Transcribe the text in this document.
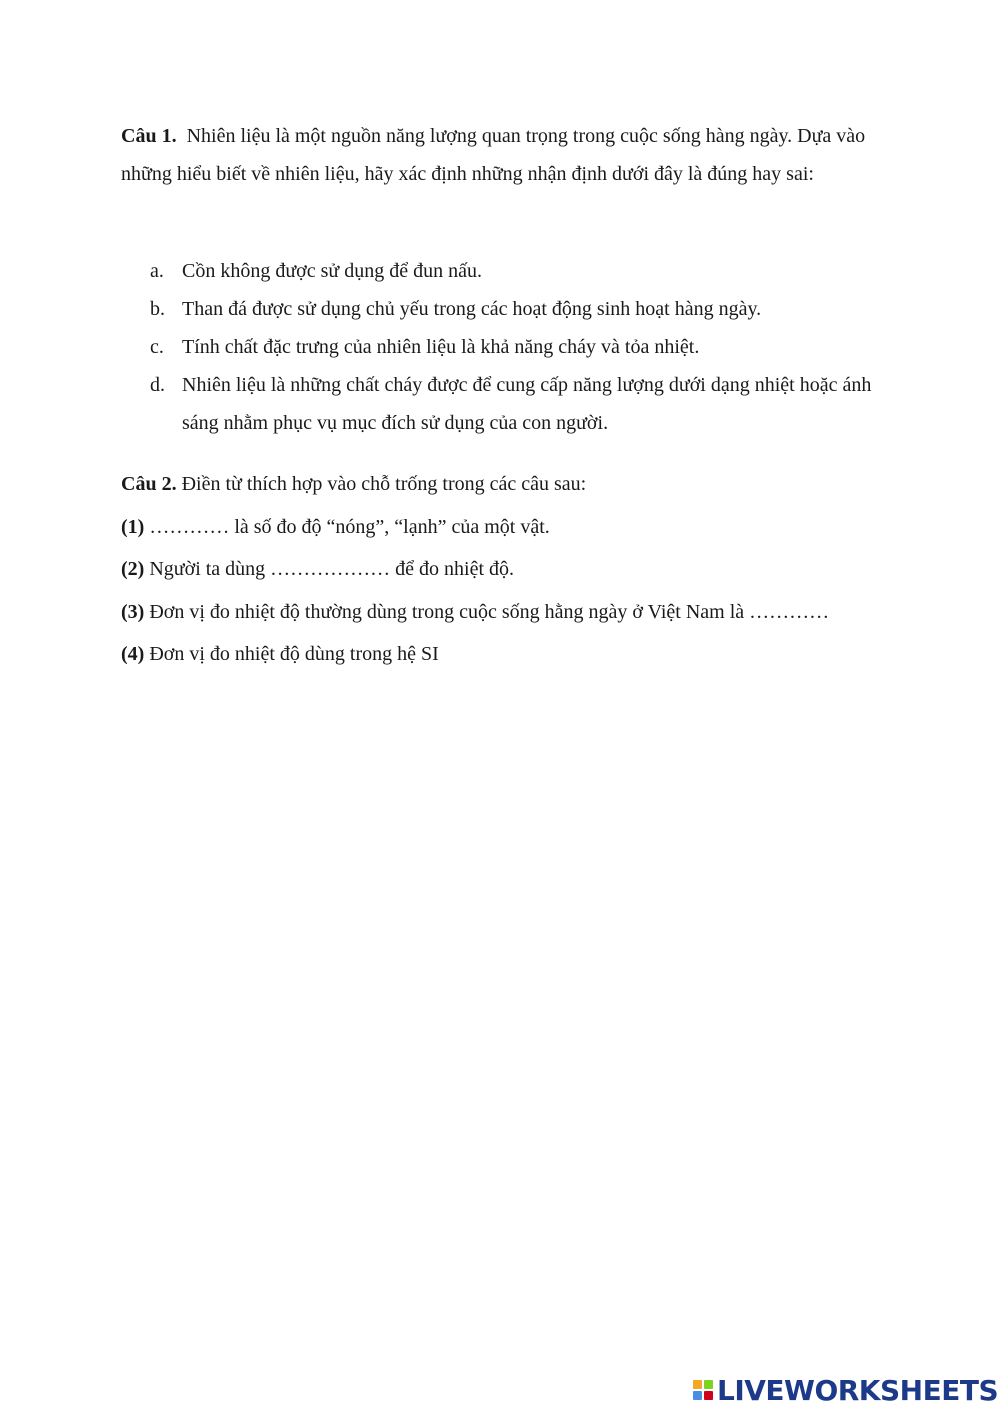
Câu 1. Nhiên liệu là một nguồn năng lượng quan trọng trong cuộc sống hàng ngày. Dựa vào những hiểu biết về nhiên liệu, hãy xác định những nhận định dưới đây là đúng hay sai:
a. Cồn không được sử dụng để đun nấu.
b. Than đá được sử dụng chủ yếu trong các hoạt động sinh hoạt hàng ngày.
c. Tính chất đặc trưng của nhiên liệu là khả năng cháy và tỏa nhiệt.
d. Nhiên liệu là những chất cháy được để cung cấp năng lượng dưới dạng nhiệt hoặc ánh sáng nhằm phục vụ mục đích sử dụng của con người.
Câu 2. Điền từ thích hợp vào chỗ trống trong các câu sau:
(1) ………… là số đo độ “nóng”, “lạnh” của một vật.
(2) Người ta dùng ……………… để đo nhiệt độ.
(3) Đơn vị đo nhiệt độ thường dùng trong cuộc sống hằng ngày ở Việt Nam là …………
(4) Đơn vị đo nhiệt độ dùng trong hệ SI
LIVEWORKSHEETS
